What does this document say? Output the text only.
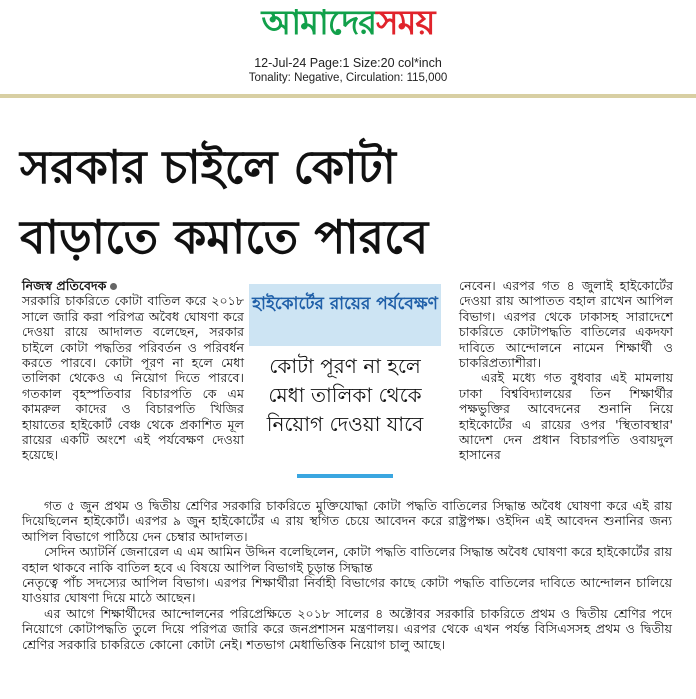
আমাদেরসময়
12-Jul-24 Page:1 Size:20 col*inch
Tonality: Negative, Circulation: 115,000
সরকার চাইলে কোটা
বাড়াতে কমাতে পারবে

নিজস্ব প্রতিবেদক

সরকারি চাকরিতে কোটা বাতিল করে ২০১৮ সালে জারি করা পরিপত্র অবৈধ ঘোষণা করে দেওয়া রায়ে আদালত বলেছেন, সরকার চাইলে কোটা পদ্ধতির পরিবর্তন ও পরিবর্ধন করতে পারবে। কোটা পূরণ না হলে মেধা তালিকা থেকেও এ নিয়োগ দিতে পারবে। গতকাল বৃহস্পতিবার বিচারপতি কে এম কামরুল কাদের ও বিচারপতি খিজির হায়াতের হাইকোর্ট বেঞ্চ থেকে প্রকাশিত মূল রায়ের একটি অংশে এই পর্যবেক্ষণ দেওয়া হয়েছে।

হাইকোর্টের রায়ের পর্যবেক্ষণ
কোটা পূরণ না হলে মেধা তালিকা থেকে নিয়োগ দেওয়া যাবে

নেবেন। এরপর গত ৪ জুলাই হাইকোর্টের দেওয়া রায় আপাতত বহাল রাখেন আপিল বিভাগ। এরপর থেকে ঢাকাসহ সারাদেশে চাকরিতে কোটাপদ্ধতি বাতিলের একদফা দাবিতে আন্দোলনে নামেন শিক্ষার্থী ও চাকরিপ্রত্যাশীরা।

এরই মধ্যে গত বুধবার এই মামলায় ঢাকা বিশ্ববিদ্যালয়ের তিন শিক্ষার্থীর পক্ষভুক্তির আবেদনের শুনানি নিয়ে হাইকোর্টের এ রায়ের ওপর 'স্থিতাবস্থার' আদেশ দেন প্রধান বিচারপতি ওবায়দুল হাসানের

গত ৫ জুন প্রথম ও দ্বিতীয় শ্রেণির সরকারি চাকরিতে মুক্তিযোদ্ধা কোটা পদ্ধতি বাতিলের সিদ্ধান্ত অবৈধ ঘোষণা করে এই রায় দিয়েছিলেন হাইকোর্ট। এরপর ৯ জুন হাইকোর্টের এ রায় স্থগিত চেয়ে আবেদন করে রাষ্ট্রপক্ষ। ওইদিন এই আবেদন শুনানির জন্য আপিল বিভাগে পাঠিয়ে দেন চেম্বার আদালত।

সেদিন অ্যাটর্নি জেনারেল এ এম আমিন উদ্দিন বলেছিলেন, কোটা পদ্ধতি বাতিলের সিদ্ধান্ত অবৈধ ঘোষণা করে হাইকোর্টের রায় বহাল থাকবে নাকি বাতিল হবে এ বিষয়ে আপিল বিভাগই চূড়ান্ত সিদ্ধান্ত

নেতৃত্বে পাঁচ সদস্যের আপিল বিভাগ। এরপর শিক্ষার্থীরা নির্বাহী বিভাগের কাছে কোটা পদ্ধতি বাতিলের দাবিতে আন্দোলন চালিয়ে যাওয়ার ঘোষণা দিয়ে মাঠে আছেন।

এর আগে শিক্ষার্থীদের আন্দোলনের পরিপ্রেক্ষিতে ২০১৮ সালের ৪ অক্টোবর সরকারি চাকরিতে প্রথম ও দ্বিতীয় শ্রেণির পদে নিয়োগে কোটাপদ্ধতি তুলে দিয়ে পরিপত্র জারি করে জনপ্রশাসন মন্ত্রণালয়। এরপর থেকে এখন পর্যন্ত বিসিএসসহ প্রথম ও দ্বিতীয় শ্রেণির সরকারি চাকরিতে কোনো কোটা নেই। শতভাগ মেধাভিত্তিক নিয়োগ চালু আছে।
